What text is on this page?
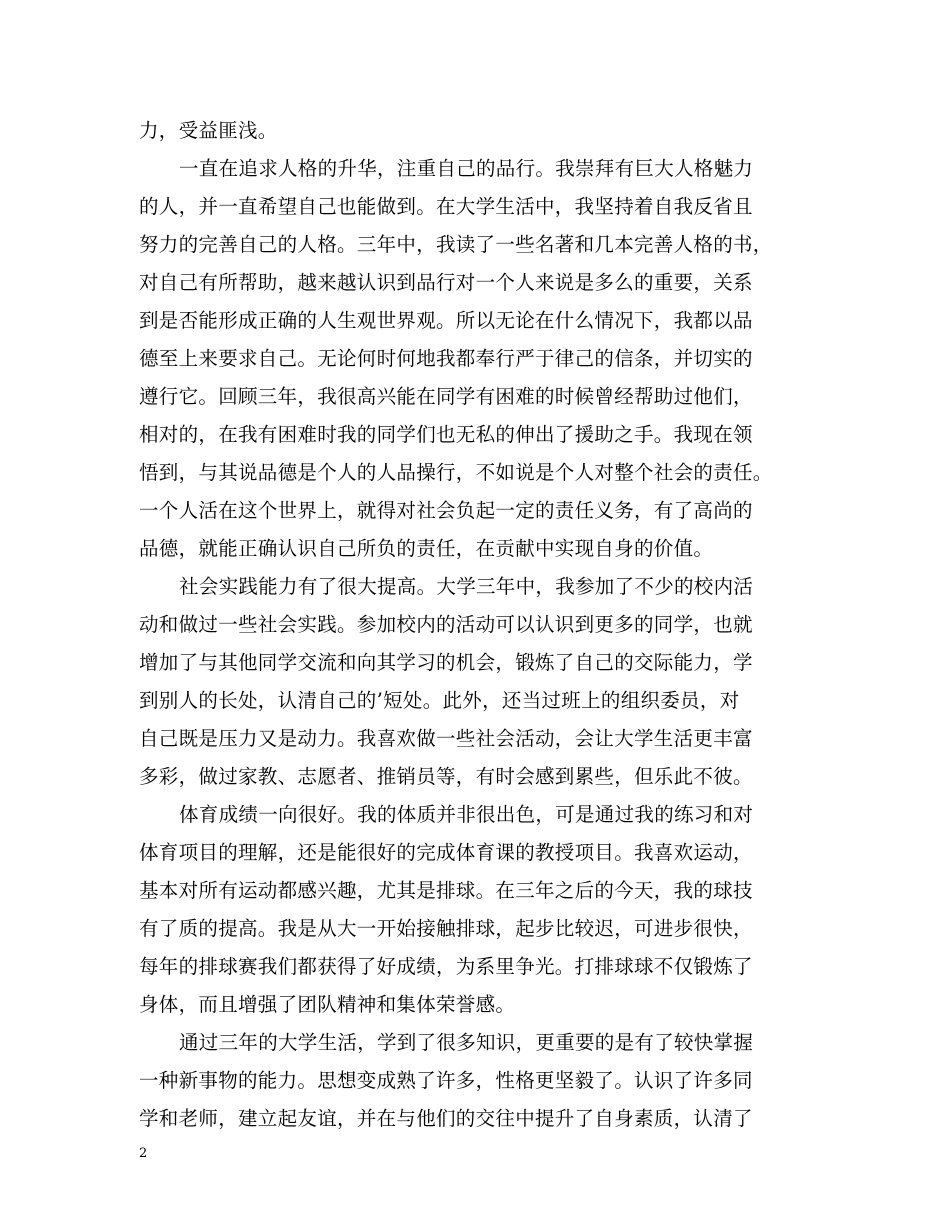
力，受益匪浅。
一直在追求人格的升华，注重自己的品行。我崇拜有巨大人格魅力
的人，并一直希望自己也能做到。在大学生活中，我坚持着自我反省且
努力的完善自己的人格。三年中，我读了一些名著和几本完善人格的书，
对自己有所帮助，越来越认识到品行对一个人来说是多么的重要，关系
到是否能形成正确的人生观世界观。所以无论在什么情况下，我都以品
德至上来要求自己。无论何时何地我都奉行严于律己的信条，并切实的
遵行它。回顾三年，我很高兴能在同学有困难的时候曾经帮助过他们，
相对的，在我有困难时我的同学们也无私的伸出了援助之手。我现在领
悟到，与其说品德是个人的人品操行，不如说是个人对整个社会的责任。
一个人活在这个世界上，就得对社会负起一定的责任义务，有了高尚的
品德，就能正确认识自己所负的责任，在贡献中实现自身的价值。
社会实践能力有了很大提高。大学三年中，我参加了不少的校内活
动和做过一些社会实践。参加校内的活动可以认识到更多的同学，也就
增加了与其他同学交流和向其学习的机会，锻炼了自己的交际能力，学
到别人的长处，认清自己的’短处。此外，还当过班上的组织委员，对
自己既是压力又是动力。我喜欢做一些社会活动，会让大学生活更丰富
多彩，做过家教、志愿者、推销员等，有时会感到累些，但乐此不彼。
体育成绩一向很好。我的体质并非很出色，可是通过我的练习和对
体育项目的理解，还是能很好的完成体育课的教授项目。我喜欢运动，
基本对所有运动都感兴趣，尤其是排球。在三年之后的今天，我的球技
有了质的提高。我是从大一开始接触排球，起步比较迟，可进步很快，
每年的排球赛我们都获得了好成绩，为系里争光。打排球球不仅锻炼了
身体，而且增强了团队精神和集体荣誉感。
通过三年的大学生活，学到了很多知识，更重要的是有了较快掌握
一种新事物的能力。思想变成熟了许多，性格更坚毅了。认识了许多同
学和老师，建立起友谊，并在与他们的交往中提升了自身素质，认清了
2
